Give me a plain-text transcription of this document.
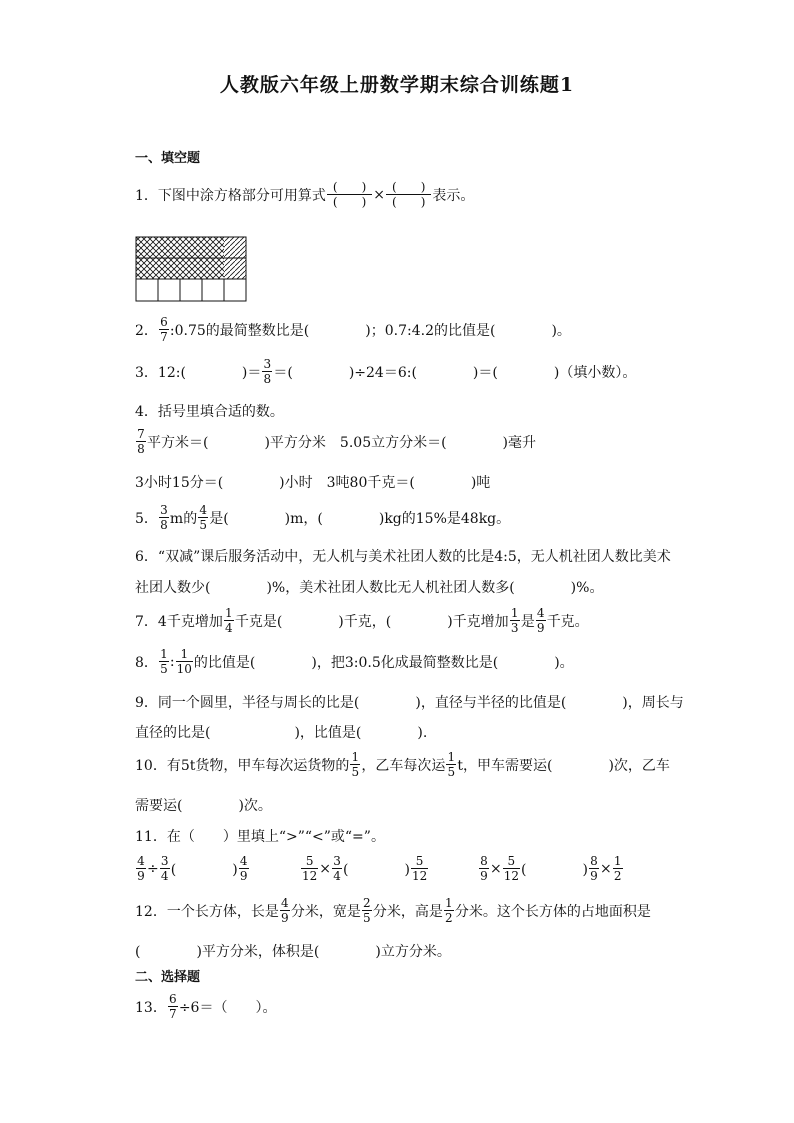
人教版六年级上册数学期末综合训练题1
一、填空题
1．下图中涂方格部分可用算式 $\frac{( )}{( )} \times \frac{( )}{( )}$ 表示。
2． $\frac{6}{7}$ :0.75的最简整数比是(　　　　)；0.7:4.2的比值是(　　　　)。
3．12:(　　　　)＝ $\frac{3}{8}$ ＝(　　　　)÷24＝6:(　　　　)＝(　　　　)（填小数）。
4．括号里填合适的数。
$\frac{7}{8}$ 平方米＝(　　　　)平方分米　5.05立方分米＝(　　　　)毫升
3小时15分＝(　　　　)小时　3吨80千克＝(　　　　)吨
5． $\frac{3}{8}$ m的 $\frac{4}{5}$ 是(　　　　)m，(　　　　)kg的15%是48kg。
6．“双减”课后服务活动中，无人机与美术社团人数的比是4:5，无人机社团人数比美术
社团人数少(　　　　)%，美术社团人数比无人机社团人数多(　　　　)%。
7．4千克增加 $\frac{1}{4}$ 千克是(　　　　)千克，(　　　　)千克增加 $\frac{1}{3}$ 是 $\frac{4}{9}$ 千克。
8． $\frac{1}{5}$ : $\frac{1}{10}$ 的比值是(　　　　)，把3:0.5化成最简整数比是(　　　　)。
9．同一个圆里，半径与周长的比是(　　　　)，直径与半径的比值是(　　　　)，周长与
直径的比是(　　　　　　)，比值是(　　　　).
10．有5t货物，甲车每次运货物的 $\frac{1}{5}$ ，乙车每次运 $\frac{1}{5}$ t，甲车需要运(　　　　)次，乙车
需要运(　　　　)次。
11．在（　　）里填上“>”“<”或“=”。
$\frac{4}{9} \div \frac{3}{4}$ (　　　　) $\frac{4}{9}$	$\frac{5}{12} \times \frac{3}{4}$ (　　　　) $\frac{5}{12}$	$\frac{8}{9} \times \frac{5}{12}$ (　　　　) $\frac{8}{9} \times \frac{1}{2}$
12．一个长方体，长是 $\frac{4}{9}$ 分米，宽是 $\frac{2}{5}$ 分米，高是 $\frac{1}{2}$ 分米。这个长方体的占地面积是
(　　　　)平方分米，体积是(　　　　)立方分米。
二、选择题
13． $\frac{6}{7} \div 6=$（　　）。
